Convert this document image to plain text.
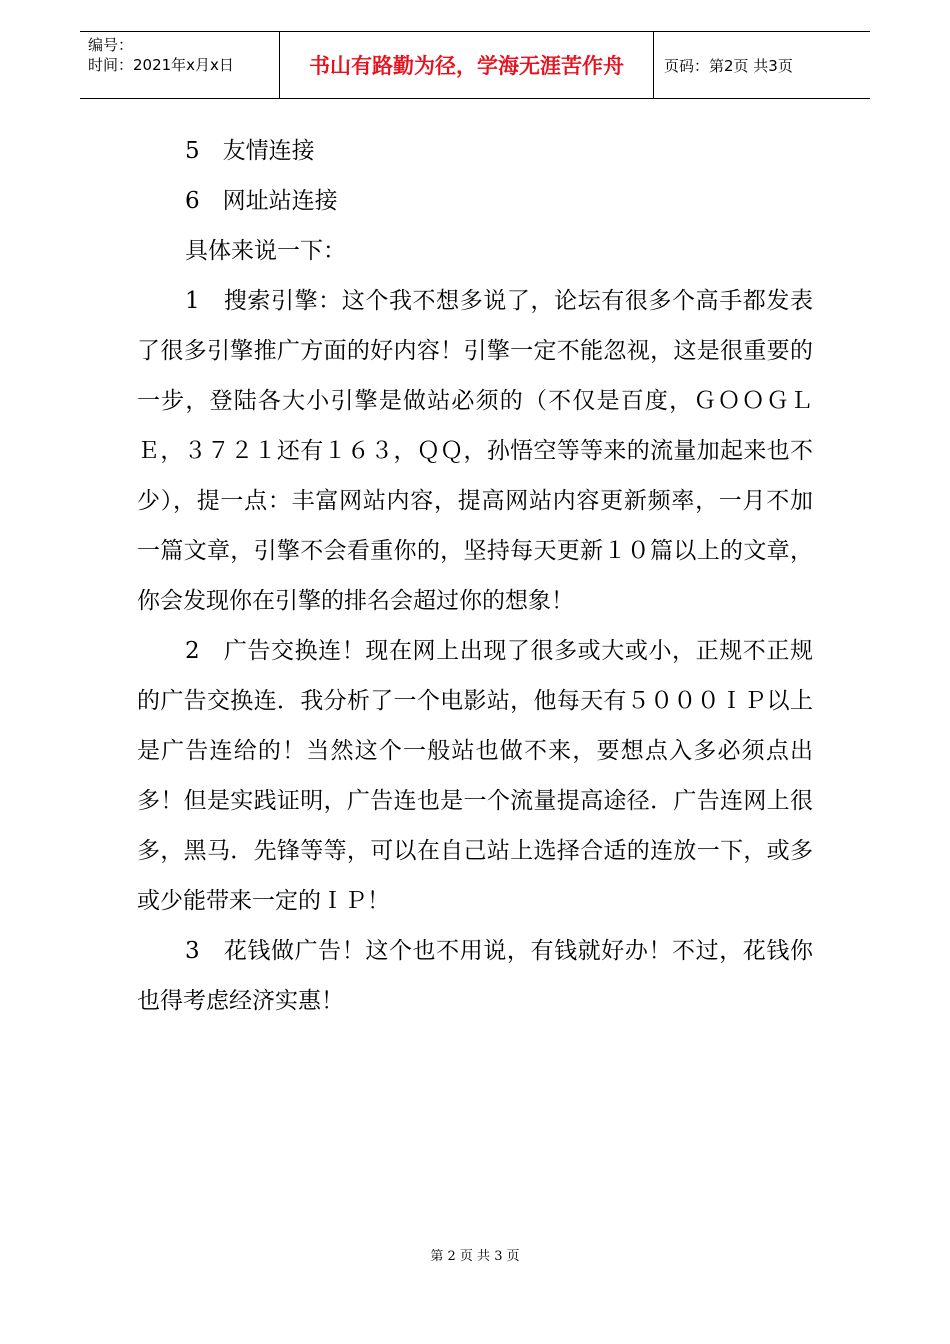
编号：
时间：2021年x月x日	书山有路勤为径，学海无涯苦作舟	页码：第2页 共3页

5　友情连接

6　网址站连接

具体来说一下：

1　搜索引擎：这个我不想多说了，论坛有很多个高手都发表了很多引擎推广方面的好内容！引擎一定不能忽视，这是很重要的一步，登陆各大小引擎是做站必须的（不仅是百度，ＧＯＯＧＬＥ，３７２１还有１６３，ＱＱ，孙悟空等等来的流量加起来也不少），提一点：丰富网站内容，提高网站内容更新频率，一月不加一篇文章，引擎不会看重你的，坚持每天更新１０篇以上的文章，你会发现你在引擎的排名会超过你的想象！

2　广告交换连！现在网上出现了很多或大或小，正规不正规的广告交换连．我分析了一个电影站，他每天有５０００ＩＰ以上是广告连给的！当然这个一般站也做不来，要想点入多必须点出多！但是实践证明，广告连也是一个流量提高途径．广告连网上很多，黑马．先锋等等，可以在自己站上选择合适的连放一下，或多或少能带来一定的ＩＰ！

3　花钱做广告！这个也不用说，有钱就好办！不过，花钱你也得考虑经济实惠！

第 2 页 共 3 页
